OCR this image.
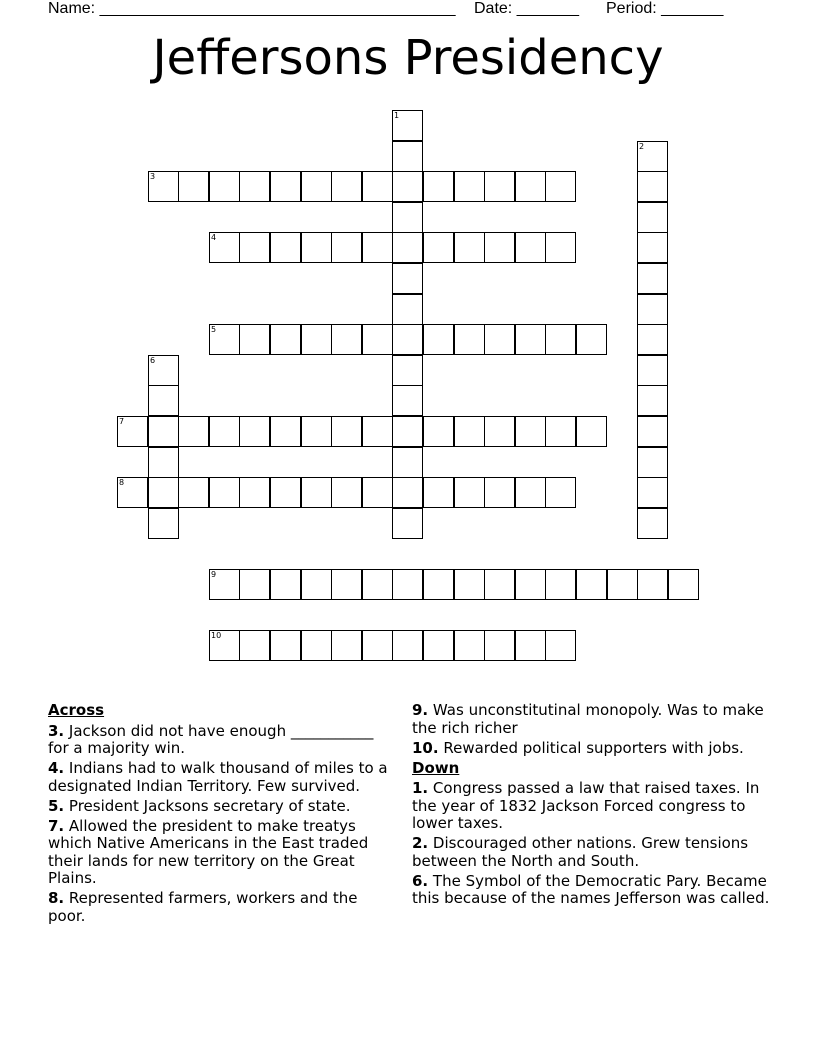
Name: ________________________________________ Date: _______ Period: _______
Jeffersons Presidency
1
2
3
4
5
6
7
8
9
10
Across
3. Jackson did not have enough ___________ for a majority win.
4. Indians had to walk thousand of miles to a designated Indian Territory. Few survived.
5. President Jacksons secretary of state.
7. Allowed the president to make treatys which Native Americans in the East traded their lands for new territory on the Great Plains.
8. Represented farmers, workers and the poor.
9. Was unconstitutinal monopoly. Was to make the rich richer
10. Rewarded political supporters with jobs.
Down
1. Congress passed a law that raised taxes. In the year of 1832 Jackson Forced congress to lower taxes.
2. Discouraged other nations. Grew tensions between the North and South.
6. The Symbol of the Democratic Pary. Became this because of the names Jefferson was called.
